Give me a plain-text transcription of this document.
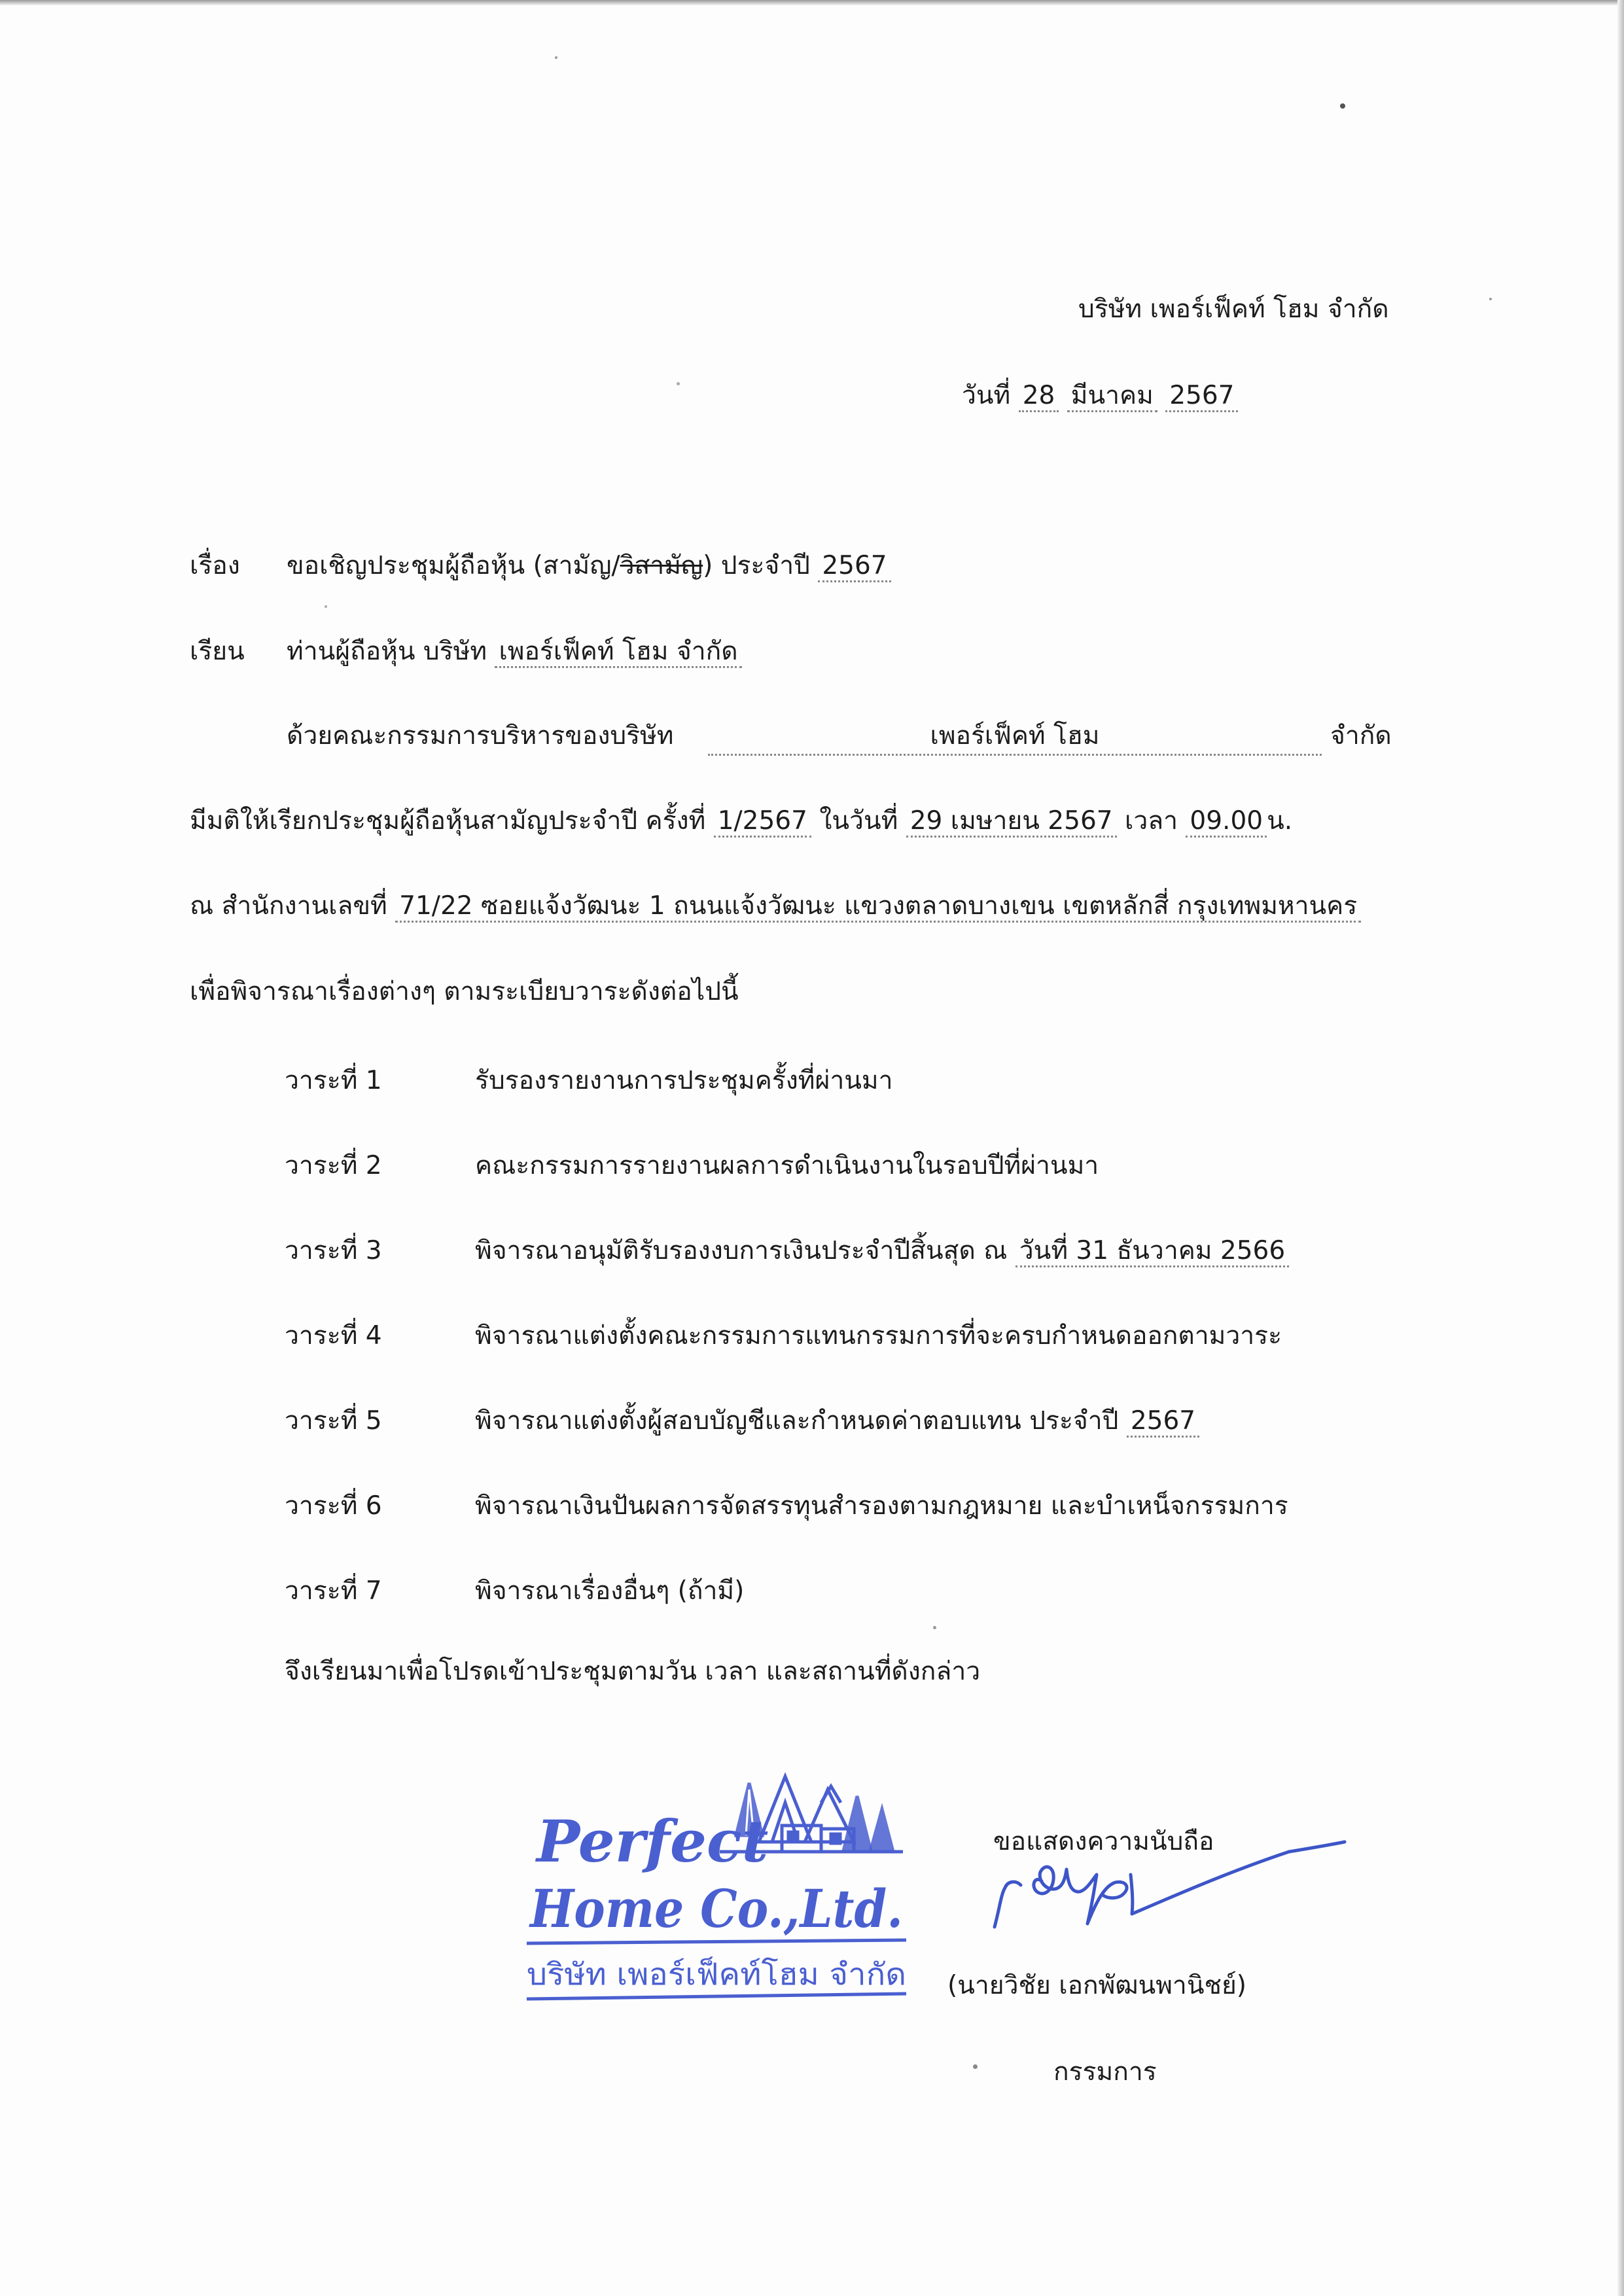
บริษัท เพอร์เฟ็คท์ โฮม จำกัด
วันที่ 28 มีนาคม 2567
เรื่อง ขอเชิญประชุมผู้ถือหุ้น (สามัญ/วิสามัญ) ประจำปี 2567
เรียน ท่านผู้ถือหุ้น บริษัท เพอร์เฟ็คท์ โฮม จำกัด
ด้วยคณะกรรมการบริหารของบริษัท	เพอร์เฟ็คท์ โฮม	จำกัด
มีมติให้เรียกประชุมผู้ถือหุ้นสามัญประจำปี ครั้งที่ 1/2567 ในวันที่ 29 เมษายน 2567 เวลา 09.00 น.
ณ สำนักงานเลขที่ 71/22 ซอยแจ้งวัฒนะ 1 ถนนแจ้งวัฒนะ แขวงตลาดบางเขน เขตหลักสี่ กรุงเทพมหานคร
เพื่อพิจารณาเรื่องต่างๆ ตามระเบียบวาระดังต่อไปนี้
วาระที่ 1	รับรองรายงานการประชุมครั้งที่ผ่านมา
วาระที่ 2	คณะกรรมการรายงานผลการดำเนินงานในรอบปีที่ผ่านมา
วาระที่ 3	พิจารณาอนุมัติรับรองงบการเงินประจำปีสิ้นสุด ณ วันที่ 31 ธันวาคม 2566
วาระที่ 4	พิจารณาแต่งตั้งคณะกรรมการแทนกรรมการที่จะครบกำหนดออกตามวาระ
วาระที่ 5	พิจารณาแต่งตั้งผู้สอบบัญชีและกำหนดค่าตอบแทน ประจำปี 2567
วาระที่ 6	พิจารณาเงินปันผลการจัดสรรทุนสำรองตามกฎหมาย และบำเหน็จกรรมการ
วาระที่ 7	พิจารณาเรื่องอื่นๆ (ถ้ามี)
จึงเรียนมาเพื่อโปรดเข้าประชุมตามวัน เวลา และสถานที่ดังกล่าว
Perfect
Home Co.,Ltd.
บริษัท เพอร์เฟ็คท์โฮม จำกัด
ขอแสดงความนับถือ
(นายวิชัย เอกพัฒนพานิชย์)
กรรมการ
